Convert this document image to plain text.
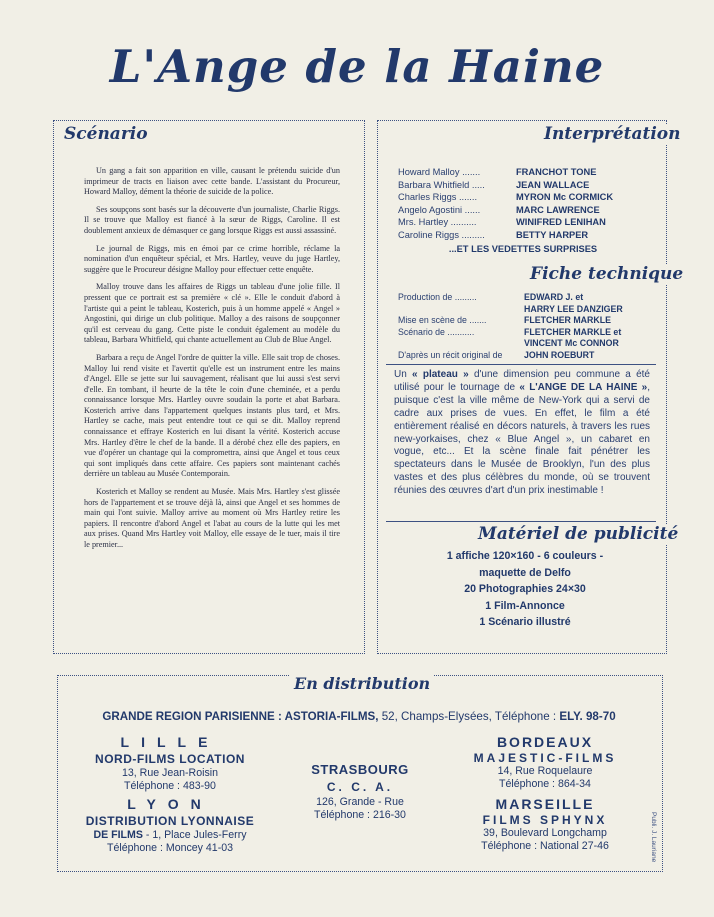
L'Ange de la Haine
Scénario

Un gang a fait son apparition en ville, causant le prétendu suicide d'un imprimeur de tracts en liaison avec cette bande. L'assistant du Procureur, Howard Malloy, dément la théorie de suicide de la police.

Ses soupçons sont basés sur la découverte d'un journaliste, Charlie Riggs. Il se trouve que Malloy est fiancé à la sœur de Riggs, Caroline. Il est doublement anxieux de démasquer ce gang lorsque Riggs est aussi assassiné.

Le journal de Riggs, mis en émoi par ce crime horrible, réclame la nomination d'un enquêteur spécial, et Mrs. Hartley, veuve du juge Hartley, suggère que le Procureur désigne Malloy pour effectuer cette enquête.

Malloy trouve dans les affaires de Riggs un tableau d'une jolie fille. Il pressent que ce portrait est sa première « clé ». Elle le conduit d'abord à l'artiste qui a peint le tableau, Kosterich, puis à un homme appelé « Angel » Angostini, qui dirige un club politique. Malloy a des raisons de soupçonner qu'il est cerveau du gang. Cette piste le conduit également au modèle du tableau, Barbara Whitfield, qui chante actuellement au Club de Blue Angel.

Barbara a reçu de Angel l'ordre de quitter la ville. Elle sait trop de choses. Malloy lui rend visite et l'avertit qu'elle est un instrument entre les mains d'Angel. Elle se jette sur lui sauvagement, réalisant que lui aussi s'est servi d'elle. En tombant, il heurte de la tête le coin d'une cheminée, et a perdu connaissance lorsque Mrs. Hartley ouvre soudain la porte et abat Barbara. Kosterich arrive dans l'appartement quelques instants plus tard, et Mrs. Hartley se cache, mais peut entendre tout ce qui se dit. Malloy reprend connaissance et effraye Kosterich en lui disant la vérité. Kosterich accuse Mrs. Hartley d'être le chef de la bande. Il a dérobé chez elle des papiers, en vue d'opérer un chantage qui la compromettra, ainsi que Angel et tous ceux qui sont impliqués dans cette affaire. Ces papiers sont maintenant cachés derrière un tableau au Musée Contemporain.

Kosterich et Malloy se rendent au Musée. Mais Mrs. Hartley s'est glissée hors de l'appartement et se trouve déjà là, ainsi que Angel et ses hommes de main qui l'ont suivie. Malloy arrive au moment où Mrs Hartley retire les papiers. Il rencontre d'abord Angel et l'abat au cours de la lutte qui les met aux prises. Quand Mrs Hartley voit Malloy, elle essaye de le tuer, mais il tire le premier...

Interprétation
Howard Malloy .......	FRANCHOT TONE
Barbara Whitfield .....	JEAN WALLACE
Charles Riggs .......	MYRON Mc CORMICK
Angelo Agostini ......	MARC LAWRENCE
Mrs. Hartley ..........	WINIFRED LENIHAN
Caroline Riggs .........	BETTY HARPER
...ET LES VEDETTES SURPRISES
Fiche technique
Production de .........	EDWARD J. et
HARRY LEE DANZIGER
Mise en scène de .......	FLETCHER MARKLE
Scénario de ...........	FLETCHER MARKLE et
VINCENT Mc CONNOR
D'après un récit original de	JOHN ROEBURT
Un « plateau » d'une dimension peu commune a été utilisé pour le tournage de « L'ANGE DE LA HAINE », puisque c'est la ville même de New-York qui a servi de cadre aux prises de vues. En effet, le film a été entièrement réalisé en décors naturels, à travers les rues new-yorkaises, chez « Blue Angel », un cabaret en vogue, etc... Et la scène finale fait pénétrer les spectateurs dans le Musée de Brooklyn, l'un des plus vastes et des plus célèbres du monde, où se trouvent réunies des œuvres d'art d'un prix inestimable !
Matériel de publicité
1 affiche 120×160 - 6 couleurs -
maquette de Delfo
20 Photographies 24×30
1 Film-Annonce
1 Scénario illustré
En distribution
GRANDE REGION PARISIENNE : ASTORIA-FILMS, 52, Champs-Elysées, Téléphone : ELY. 98-70
LILLE
NORD-FILMS LOCATION
13, Rue Jean-Roisin
Téléphone : 483-90
LYON
DISTRIBUTION LYONNAISE
DE FILMS - 1, Place Jules-Ferry
Téléphone : Moncey 41-03
STRASBOURG
C. C. A.
126, Grande - Rue
Téléphone : 216-30
BORDEAUX
MAJESTIC-FILMS
14, Rue Roquelaure
Téléphone : 864-34
MARSEILLE
FILMS SPHYNX
39, Boulevard Longchamp
Téléphone : National 27-46	Publi. J. Lauriane
